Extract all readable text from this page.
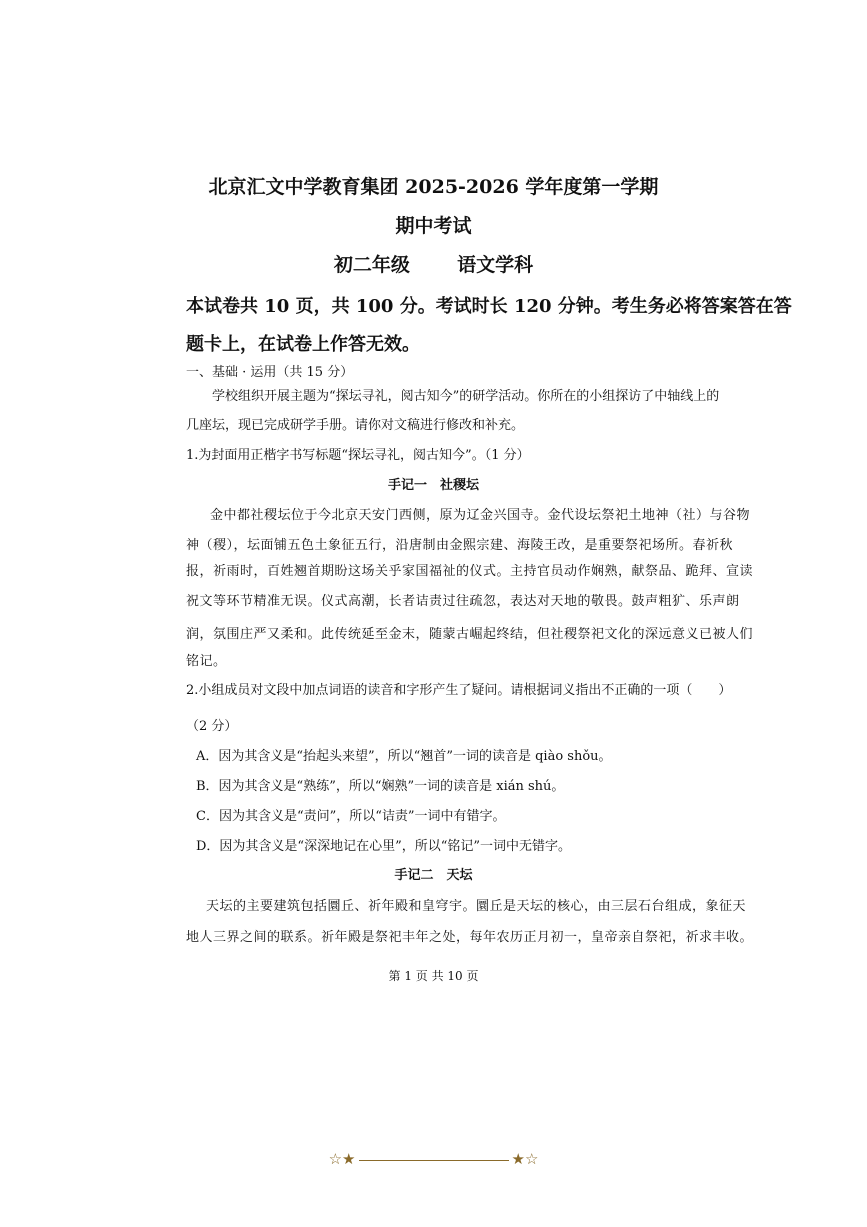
北京汇文中学教育集团 2025-2026 学年度第一学期
期中考试
初二年级 语文学科
本试卷共 10 页，共 100 分。考试时长 120 分钟。考生务必将答案答在答
题卡上，在试卷上作答无效。
一、基础 · 运用（共 15 分）
学校组织开展主题为“探坛寻礼，阅古知今”的研学活动。你所在的小组探访了中轴线上的
几座坛，现已完成研学手册。请你对文稿进行修改和补充。
1.为封面用正楷字书写标题“探坛寻礼，阅古知今”。（1 分）
手记一　社稷坛
金中都社稷坛位于今北京天安门西侧，原为辽金兴国寺。金代设坛祭祀土地神（社）与谷物
神（稷），坛面铺五色土象征五行，沿唐制由金熙宗建、海陵王改，是重要祭祀场所。春祈秋
报，祈雨时，百姓翘首期盼这场关乎家国福祉的仪式。主持官员动作娴熟，献祭品、跪拜、宣读
祝文等环节精准无误。仪式高潮，长者诘责过往疏忽，表达对天地的敬畏。鼓声粗犷、乐声朗
润，氛围庄严又柔和。此传统延至金末，随蒙古崛起终结，但社稷祭祀文化的深远意义已被人们
铭记。
2.小组成员对文段中加点词语的读音和字形产生了疑问。请根据词义指出不正确的一项（　　）
（2 分）
A．因为其含义是“抬起头来望”，所以“翘首”一词的读音是 qiào shǒu。
B．因为其含义是“熟练”，所以“娴熟”一词的读音是 xián shú。
C．因为其含义是“责问”，所以“诘责”一词中有错字。
D．因为其含义是“深深地记在心里”，所以“铭记”一词中无错字。
手记二　天坛
天坛的主要建筑包括圜丘、祈年殿和皇穹宇。圜丘是天坛的核心，由三层石台组成，象征天
地人三界之间的联系。祈年殿是祭祀丰年之处，每年农历正月初一，皇帝亲自祭祀，祈求丰收。
第 1 页 共 10 页
☆★	★☆
